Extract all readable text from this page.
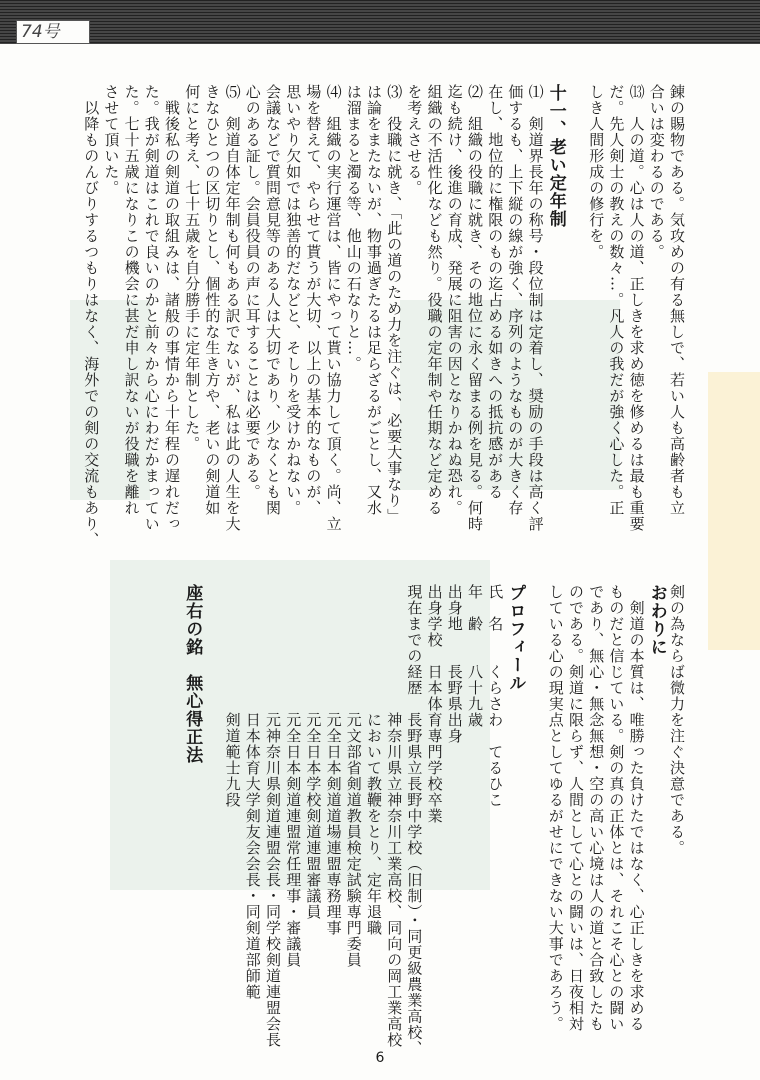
74号
錬の賜物である。気攻めの有る無しで、若い人も高齢者も立
合いは変わるのである。
⒀　人の道。心は人の道、正しきを求め徳を修めるは最も重要
だ。先人剣士の教えの数々…。凡人の我だが強く心した。正
しき人間形成の修行を。
十一、老い定年制
⑴　剣道界長年の称号・段位制は定着し、奨励の手段は高く評
価するも、上下縦の線が強く、序列のようなものが大きく存
在し、地位的に権限のもの迄占める如きへの抵抗感がある
⑵　組織の役職に就き、その地位に永く留まる例を見る。何時
迄も続け、後進の育成、発展に阻害の因となりかねぬ恐れ。
組織の不活性化なども然り。役職の定年制や任期など定める
を考えさせる。
⑶　役職に就き、「此の道のため力を注ぐは、必要大事なり」
は論をまたないが、物事過ぎたるは足らざるがごとし、又水
は溜まると濁る等、他山の石なりと…。
⑷　組織の実行運営は、皆にやって貰い協力して頂く。尚、立
場を替えて、やらせて貰うが大切、以上の基本的なものが、
思いやり欠如では独善的だなどと、そしりを受けかねない。
会議などで質問意見等のある人は大切であり、少なくとも関
心のある証し。会員役員の声に耳することは必要である。
⑸　剣道自体定年制も何もある訳でないが、私は此の人生を大
きなひとつの区切りとし、個性的な生き方や、老いの剣道如
何にと考え、七十五歳を自分勝手に定年制とした。
　戦後私の剣道の取組みは、諸般の事情から十年程の遅れだっ
た。我が剣道はこれで良いのかと前々から心にわだかまってい
た。七十五歳になりこの機会に甚だ申し訳ないが役職を離れ
させて頂いた。
　以降ものんびりするつもりはなく、海外での剣の交流もあり、
剣の為ならば微力を注ぐ決意である。
おわりに
　剣道の本質は、唯勝った負けたではなく、心正しきを求める
ものだと信じている。剣の真の正体とは、それこそ心との闘い
であり、無心・無念無想・空の高い心境は人の道と合致したも
のである。剣道に限らず、人間として心との闘いは、日夜相対
している心の現実点としてゆるがせにできない大事であろう。
プロフィール
氏　名　　くらさわ　てるひこ
年　齢　　八十九歳
出身地　　長野県出身
出身学校　日本体育専門学校卒業
現在までの経歴　長野県立長野中学校（旧制）・同更級農業高校、
　　　　　　　　神奈川県立神奈川工業高校、同向の岡工業高校
　　　　　　　　において教鞭をとり、定年退職
　　　　　　　　元文部省剣道教員検定試験専門委員
　　　　　　　　元全日本剣道道場連盟専務理事
　　　　　　　　元全日本学校剣道連盟審議員
　　　　　　　　元全日本剣道連盟常任理事・審議員
　　　　　　　　元神奈川県剣道連盟会長・同学校剣道連盟会長
　　　　　　　　日本体育大学剣友会会長・同剣道部師範
　　　　　　　　剣道範士九段
座右の銘　無心得正法
6
